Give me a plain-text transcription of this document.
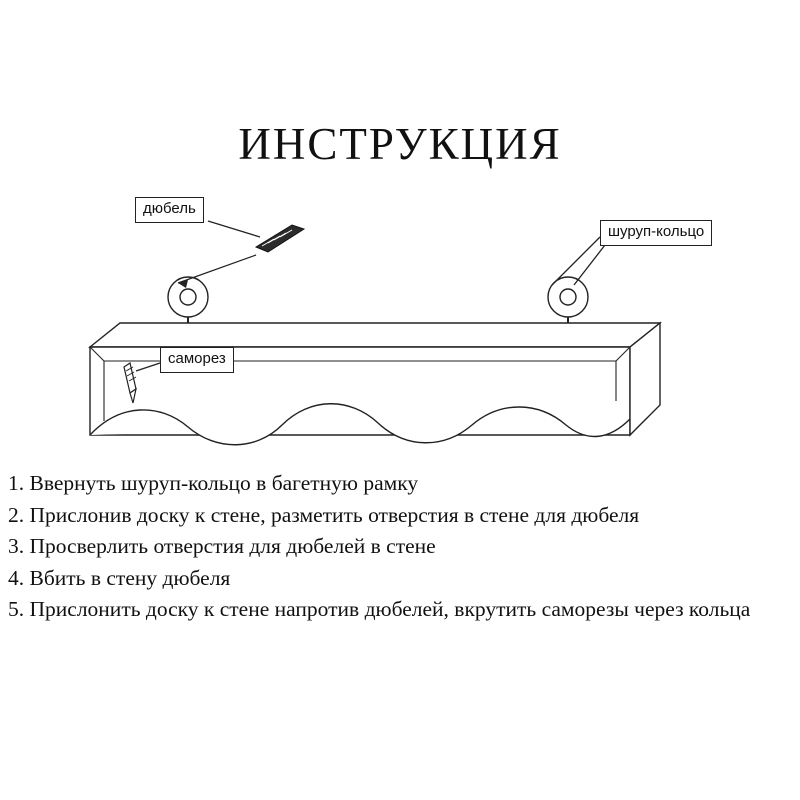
ИНСТРУКЦИЯ
дюбель
шуруп-кольцо
саморез
1. Ввернуть шуруп-кольцо в багетную рамку
2. Прислонив доску к стене, разметить отверстия в стене для дюбеля
3. Просверлить отверстия для дюбелей в стене
4. Вбить в стену дюбеля
5. Прислонить доску к стене напротив дюбелей, вкрутить саморезы через кольца
